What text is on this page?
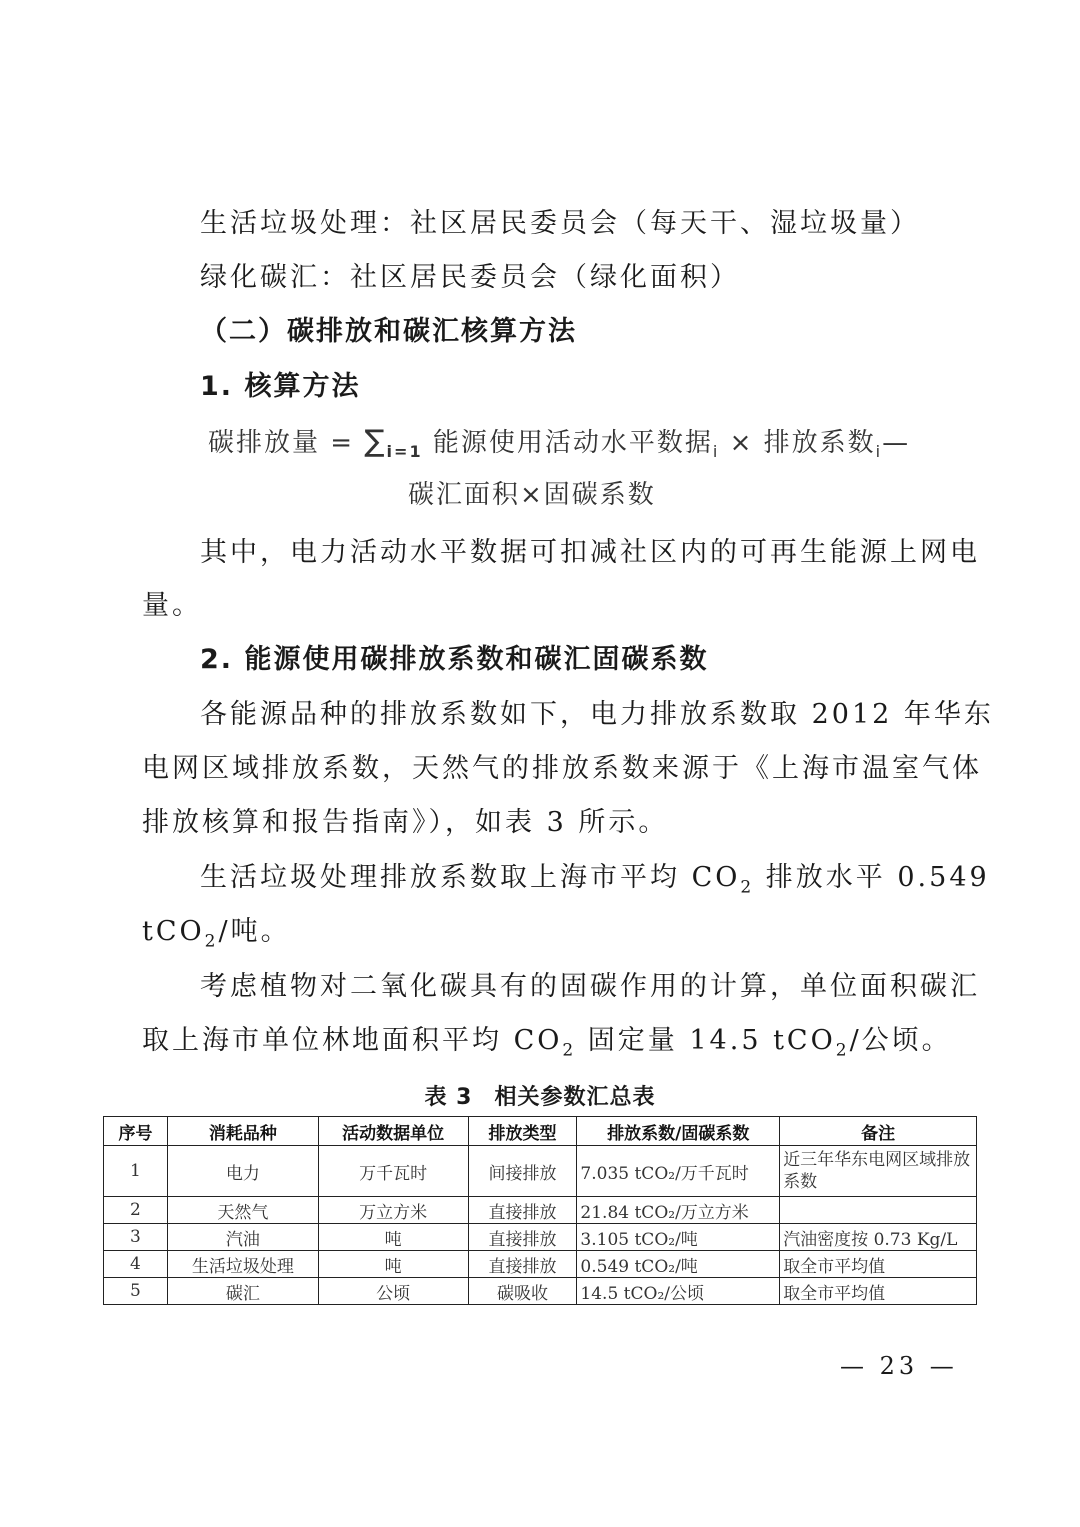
生活垃圾处理：社区居民委员会（每天干、湿垃圾量）
绿化碳汇：社区居民委员会（绿化面积）
（二）碳排放和碳汇核算方法
1. 核算方法
碳排放量 = $\sum_{i=1}$ 能源使用活动水平数据$_i$ × 排放系数$_i$—
碳汇面积×固碳系数
其中，电力活动水平数据可扣减社区内的可再生能源上网电
量。
2. 能源使用碳排放系数和碳汇固碳系数
各能源品种的排放系数如下，电力排放系数取 2012 年华东
电网区域排放系数，天然气的排放系数来源于《上海市温室气体
排放核算和报告指南》），如表 3 所示。
生活垃圾处理排放系数取上海市平均 $CO_2$ 排放水平 0.549
tCO$_2$/吨。
考虑植物对二氧化碳具有的固碳作用的计算，单位面积碳汇
取上海市单位林地面积平均 $CO_2$ 固定量 14.5 tCO$_2$/公顷。
表 3 相关参数汇总表
序号	消耗品种	活动数据单位	排放类型	排放系数/固碳系数	备注
1	电力	万千瓦时	间接排放	7.035 tCO₂/万千瓦时	近三年华东电网区域排放系数
2	天然气	万立方米	直接排放	21.84 tCO₂/万立方米	
3	汽油	吨	直接排放	3.105 tCO₂/吨	汽油密度按 0.73 Kg/L
4	生活垃圾处理	吨	直接排放	0.549 tCO₂/吨	取全市平均值
5	碳汇	公顷	碳吸收	14.5 tCO₂/公顷	取全市平均值
— 23 —
